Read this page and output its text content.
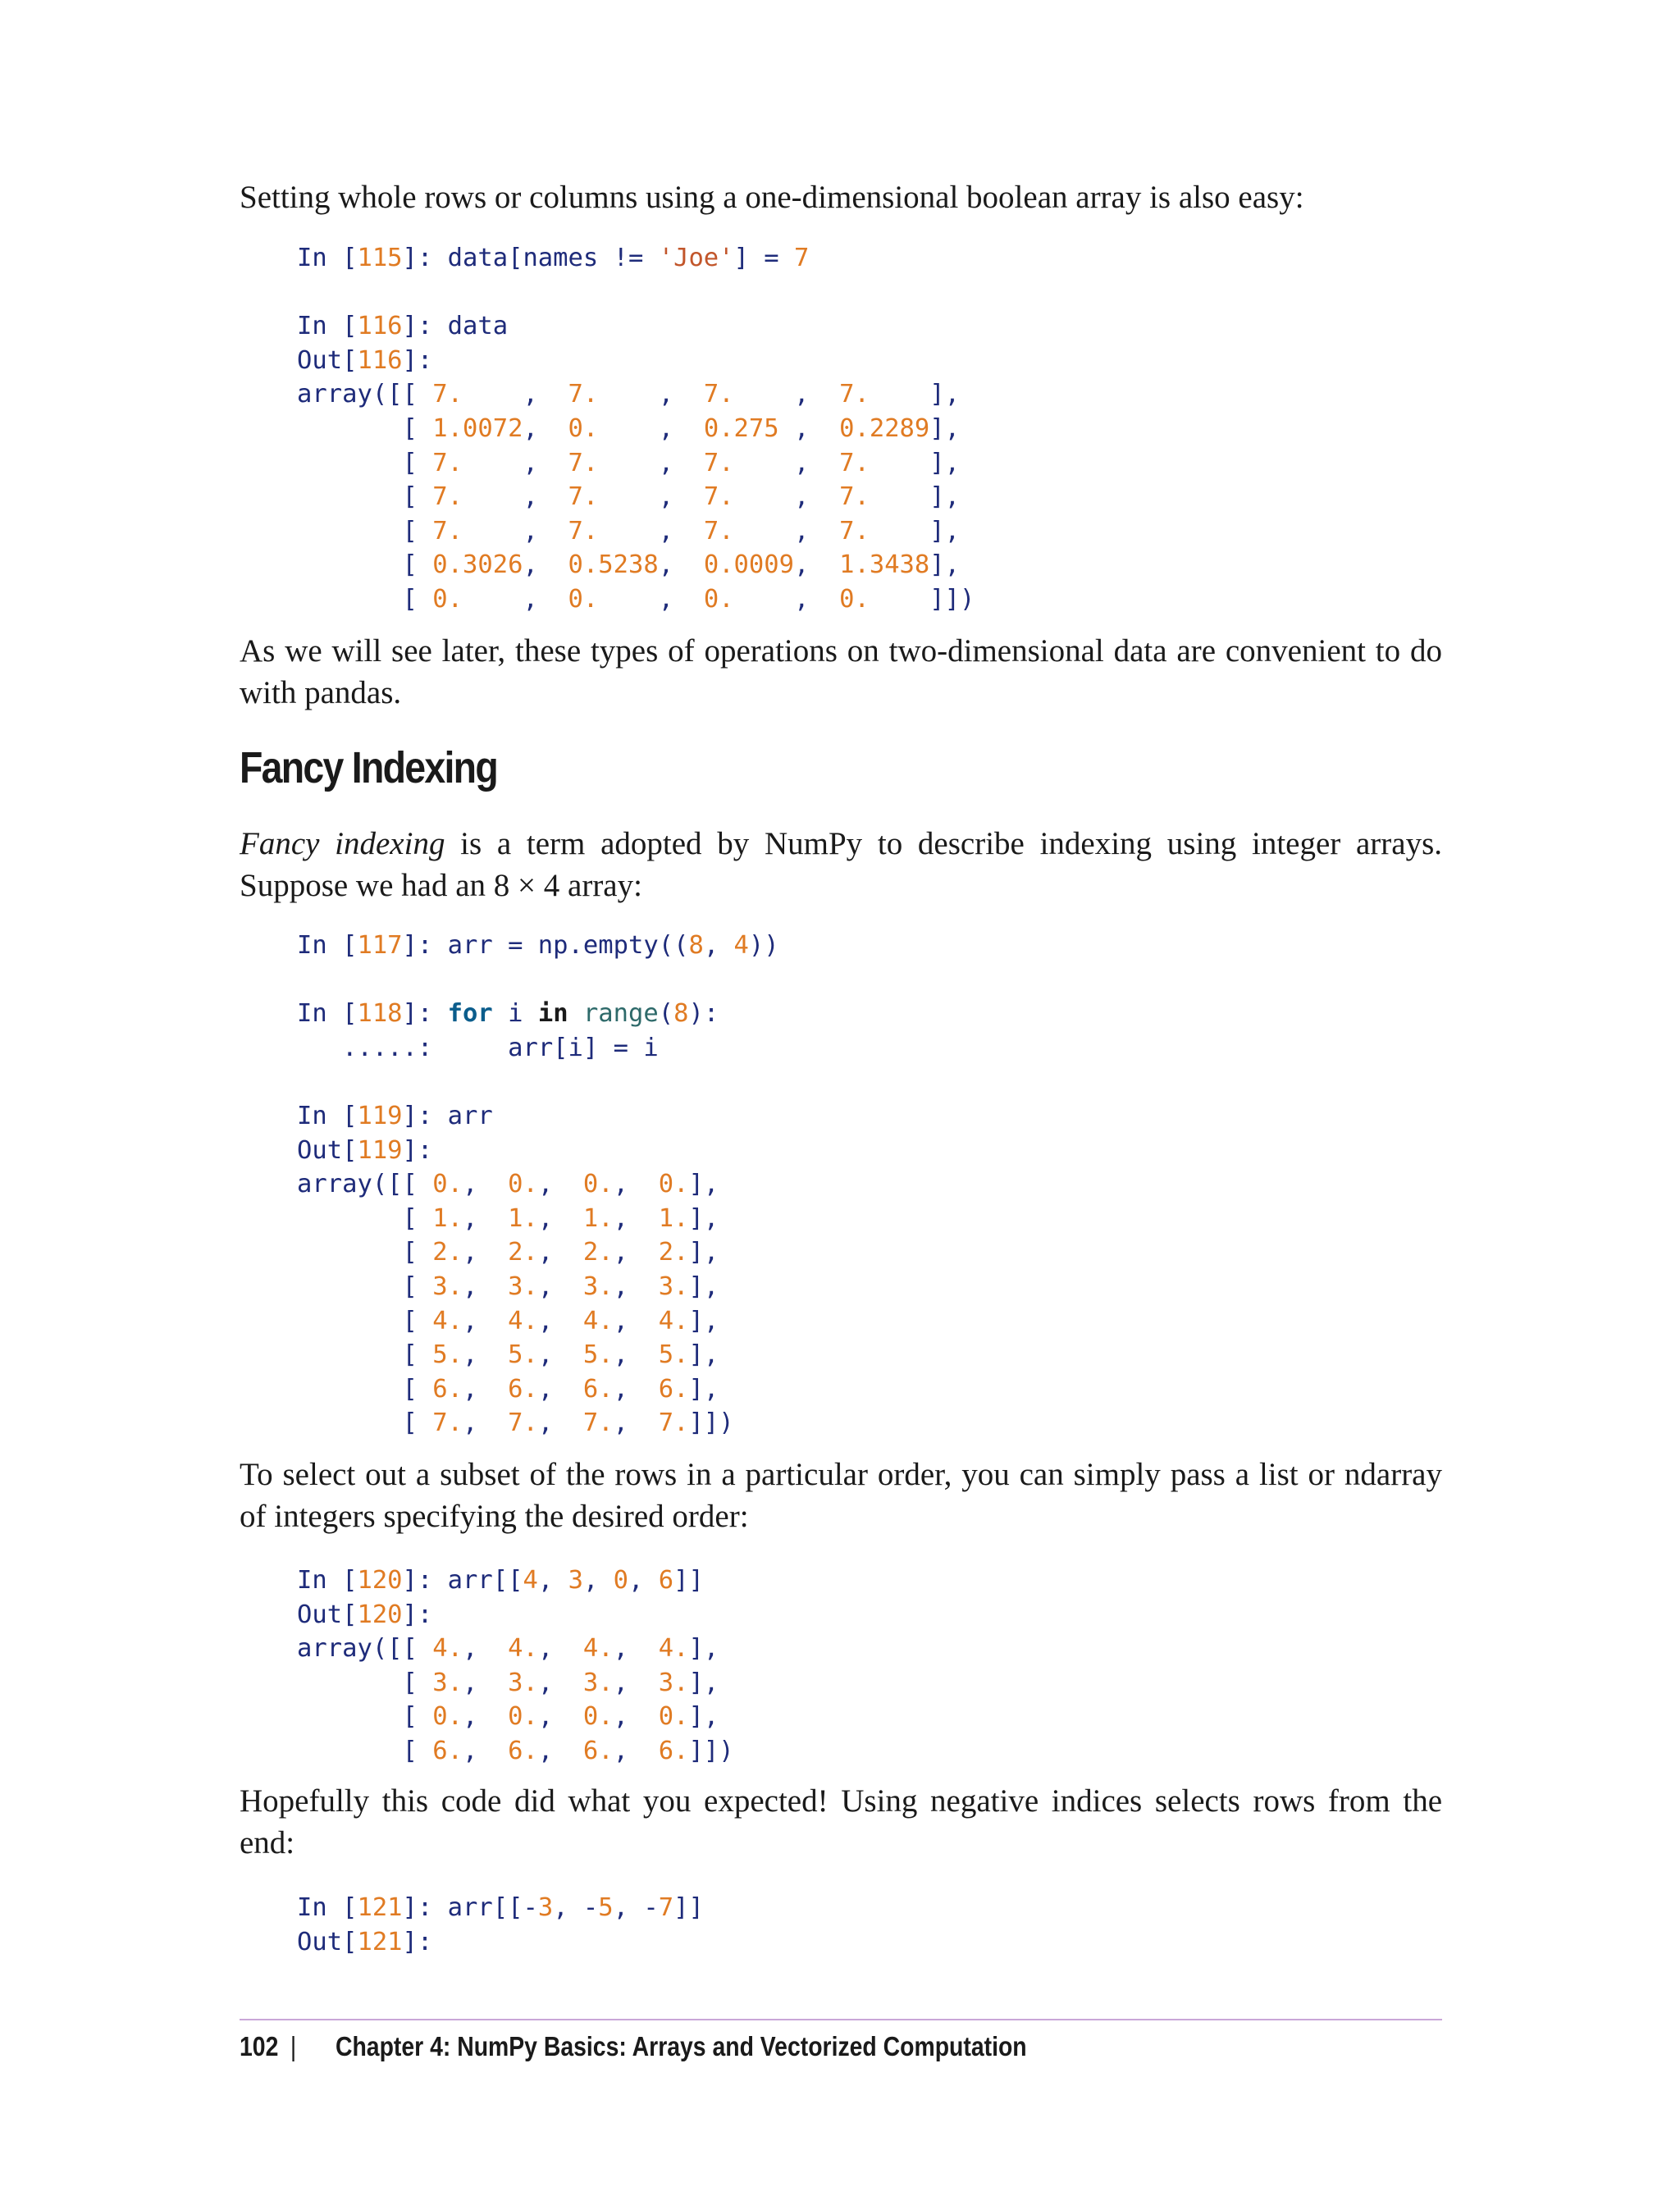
Setting whole rows or columns using a one-dimensional boolean array is also easy:

In [115]: data[names != 'Joe'] = 7

In [116]: data
Out[116]:
array([[ 7.    ,  7.    ,  7.    ,  7.    ],
[ 1.0072,  0.    ,  0.275 ,  0.2289],
[ 7.    ,  7.    ,  7.    ,  7.    ],
[ 7.    ,  7.    ,  7.    ,  7.    ],
[ 7.    ,  7.    ,  7.    ,  7.    ],
[ 0.3026,  0.5238,  0.0009,  1.3438],
[ 0.    ,  0.    ,  0.    ,  0.    ]])

As we will see later, these types of operations on two-dimensional data are convenient to do with pandas.

Fancy Indexing

Fancy indexing is a term adopted by NumPy to describe indexing using integer arrays. Suppose we had an 8 × 4 array:

In [117]: arr = np.empty((8, 4))

In [118]: for i in range(8):
.....:	arr[i] = i

In [119]: arr
Out[119]:
array([[ 0.,  0.,  0.,  0.],
[ 1.,  1.,  1.,  1.],
[ 2.,  2.,  2.,  2.],
[ 3.,  3.,  3.,  3.],
[ 4.,  4.,  4.,  4.],
[ 5.,  5.,  5.,  5.],
[ 6.,  6.,  6.,  6.],
[ 7.,  7.,  7.,  7.]])

To select out a subset of the rows in a particular order, you can simply pass a list or ndarray of integers specifying the desired order:

In [120]: arr[[4, 3, 0, 6]]
Out[120]:
array([[ 4.,  4.,  4.,  4.],
[ 3.,  3.,  3.,  3.],
[ 0.,  0.,  0.,  0.],
[ 6.,  6.,  6.,  6.]])

Hopefully this code did what you expected! Using negative indices selects rows from the end:

In [121]: arr[[-3, -5, -7]]
Out[121]:
102 | Chapter 4: NumPy Basics: Arrays and Vectorized Computation
